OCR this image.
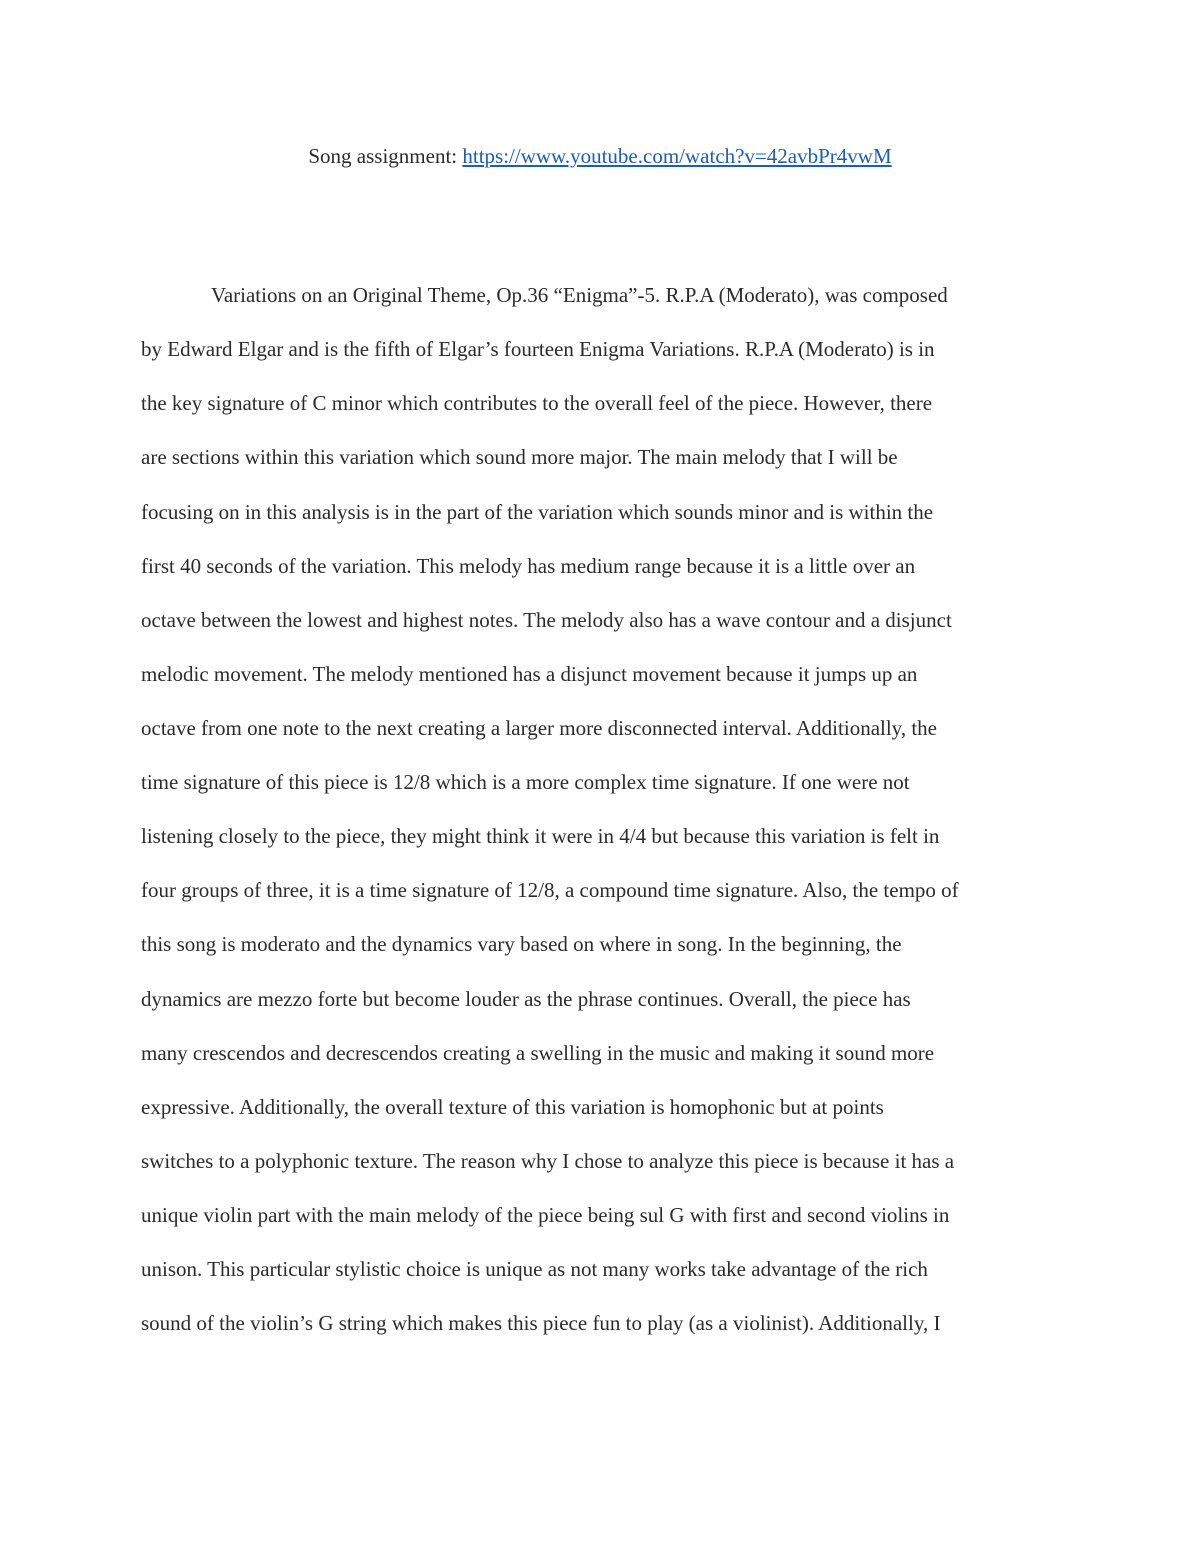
Song assignment: https://www.youtube.com/watch?v=42avbPr4vwM
Variations on an Original Theme, Op.36 “Enigma”-5. R.P.A (Moderato), was composed
by Edward Elgar and is the fifth of Elgar’s fourteen Enigma Variations. R.P.A (Moderato) is in
the key signature of C minor which contributes to the overall feel of the piece. However, there
are sections within this variation which sound more major. The main melody that I will be
focusing on in this analysis is in the part of the variation which sounds minor and is within the
first 40 seconds of the variation. This melody has medium range because it is a little over an
octave between the lowest and highest notes. The melody also has a wave contour and a disjunct
melodic movement. The melody mentioned has a disjunct movement because it jumps up an
octave from one note to the next creating a larger more disconnected interval. Additionally, the
time signature of this piece is 12/8 which is a more complex time signature. If one were not
listening closely to the piece, they might think it were in 4/4 but because this variation is felt in
four groups of three, it is a time signature of 12/8, a compound time signature. Also, the tempo of
this song is moderato and the dynamics vary based on where in song. In the beginning, the
dynamics are mezzo forte but become louder as the phrase continues. Overall, the piece has
many crescendos and decrescendos creating a swelling in the music and making it sound more
expressive. Additionally, the overall texture of this variation is homophonic but at points
switches to a polyphonic texture. The reason why I chose to analyze this piece is because it has a
unique violin part with the main melody of the piece being sul G with first and second violins in
unison. This particular stylistic choice is unique as not many works take advantage of the rich
sound of the violin’s G string which makes this piece fun to play (as a violinist). Additionally, I
